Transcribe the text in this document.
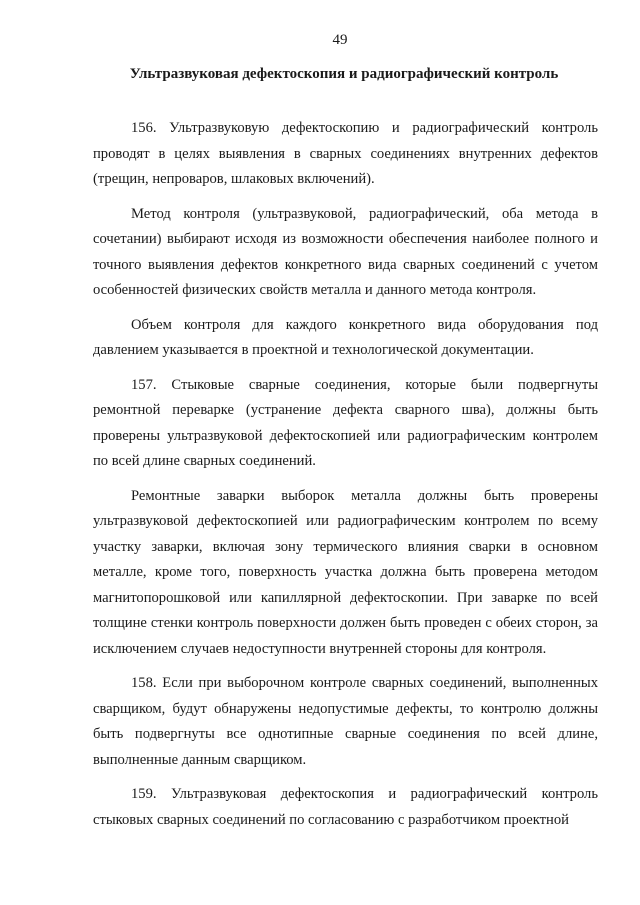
49
Ультразвуковая дефектоскопия и радиографический контроль

156. Ультразвуковую дефектоскопию и радиографический контроль проводят в целях выявления в сварных соединениях внутренних дефектов (трещин, непроваров, шлаковых включений).

Метод контроля (ультразвуковой, радиографический, оба метода в сочетании) выбирают исходя из возможности обеспечения наиболее полного и точного выявления дефектов конкретного вида сварных соединений с учетом особенностей физических свойств металла и данного метода контроля.

Объем контроля для каждого конкретного вида оборудования под давлением указывается в проектной и технологической документации.

157. Стыковые сварные соединения, которые были подвергнуты ремонтной переварке (устранение дефекта сварного шва), должны быть проверены ультразвуковой дефектоскопией или радиографическим контролем по всей длине сварных соединений.

Ремонтные заварки выборок металла должны быть проверены ультразвуковой дефектоскопией или радиографическим контролем по всему участку заварки, включая зону термического влияния сварки в основном металле, кроме того, поверхность участка должна быть проверена методом магнитопорошковой или капиллярной дефектоскопии. При заварке по всей толщине стенки контроль поверхности должен быть проведен с обеих сторон, за исключением случаев недоступности внутренней стороны для контроля.

158. Если при выборочном контроле сварных соединений, выполненных сварщиком, будут обнаружены недопустимые дефекты, то контролю должны быть подвергнуты все однотипные сварные соединения по всей длине, выполненные данным сварщиком.

159. Ультразвуковая дефектоскопия и радиографический контроль стыковых сварных соединений по согласованию с разработчиком проектной
